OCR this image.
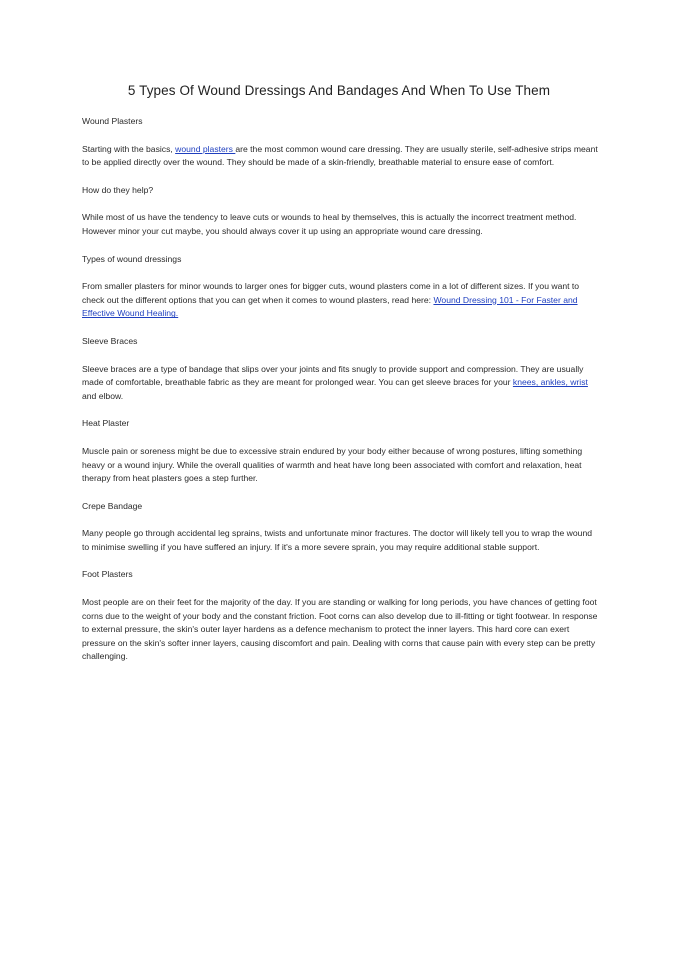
5 Types Of Wound Dressings And Bandages And When To Use Them

Wound Plasters

Starting with the basics, wound plasters are the most common wound care dressing. They are usually sterile, self-adhesive strips meant to be applied directly over the wound. They should be made of a skin-friendly, breathable material to ensure ease of comfort.

How do they help?

While most of us have the tendency to leave cuts or wounds to heal by themselves, this is actually the incorrect treatment method. However minor your cut maybe, you should always cover it up using an appropriate wound care dressing.

Types of wound dressings

From smaller plasters for minor wounds to larger ones for bigger cuts, wound plasters come in a lot of different sizes. If you want to check out the different options that you can get when it comes to wound plasters, read here: Wound Dressing 101 - For Faster and Effective Wound Healing.

Sleeve Braces

Sleeve braces are a type of bandage that slips over your joints and fits snugly to provide support and compression. They are usually made of comfortable, breathable fabric as they are meant for prolonged wear. You can get sleeve braces for your knees, ankles, wrist and elbow.

Heat Plaster

Muscle pain or soreness might be due to excessive strain endured by your body either because of wrong postures, lifting something heavy or a wound injury. While the overall qualities of warmth and heat have long been associated with comfort and relaxation, heat therapy from heat plasters goes a step further.

Crepe Bandage

Many people go through accidental leg sprains, twists and unfortunate minor fractures. The doctor will likely tell you to wrap the wound to minimise swelling if you have suffered an injury. If it's a more severe sprain, you may require additional stable support.

Foot Plasters

Most people are on their feet for the majority of the day. If you are standing or walking for long periods, you have chances of getting foot corns due to the weight of your body and the constant friction. Foot corns can also develop due to ill-fitting or tight footwear. In response to external pressure, the skin's outer layer hardens as a defence mechanism to protect the inner layers. This hard core can exert pressure on the skin's softer inner layers, causing discomfort and pain. Dealing with corns that cause pain with every step can be pretty challenging.
